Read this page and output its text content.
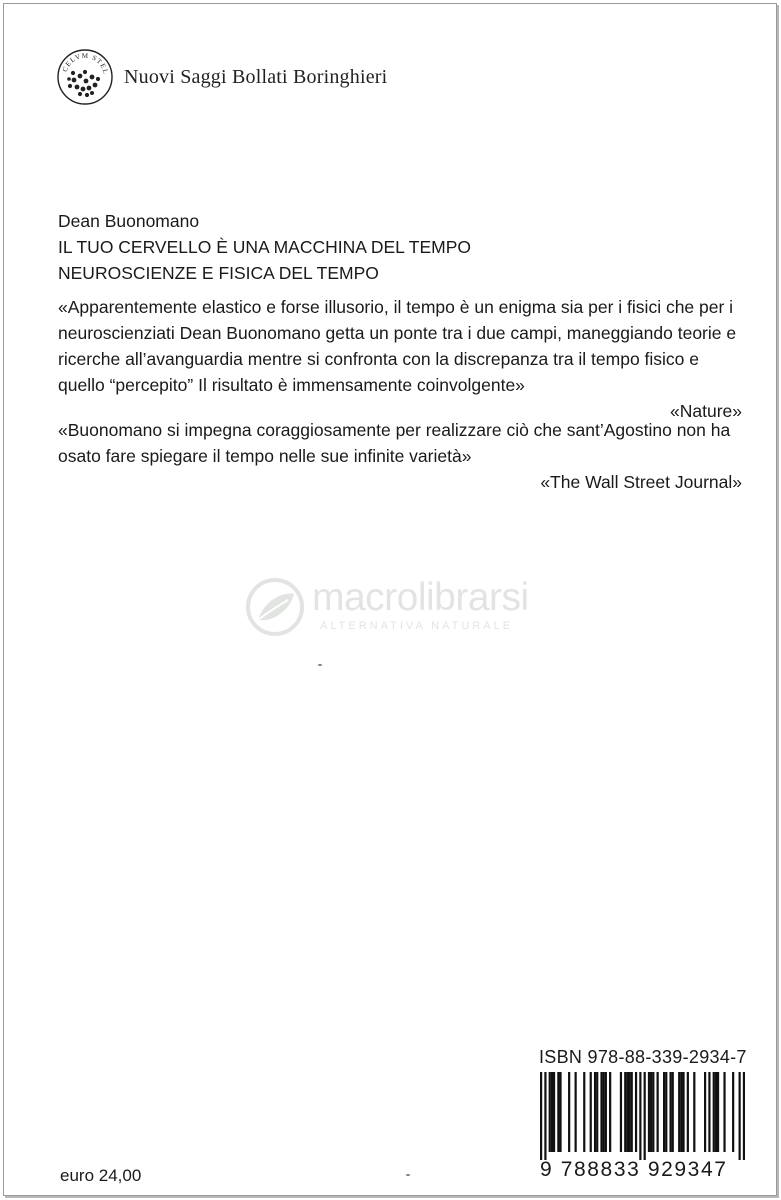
CELVM STEL Nuovi Saggi Bollati Boringhieri
Dean Buonomano
IL TUO CERVELLO È UNA MACCHINA DEL TEMPO
NEUROSCIENZE E FISICA DEL TEMPO

«Apparentemente elastico e forse illusorio, il tempo è un enigma sia per i fisici che per i neuroscienziati Dean Buonomano getta un ponte tra i due campi, maneggiando teorie e ricerche all’avanguardia mentre si confronta con la discrepanza tra il tempo fisico e quello “percepito” Il risultato è immensamente coinvolgente»

«Nature»

«Buonomano si impegna coraggiosamente per realizzare ciò che sant’Agostino non ha osato fare spiegare il tempo nelle sue infinite varietà»

«The Wall Street Journal»

macrolibrarsi
ALTERNATIVA NATURALE
ISBN 978-88-339-2934-7
9 788833 929347
euro 24,00
